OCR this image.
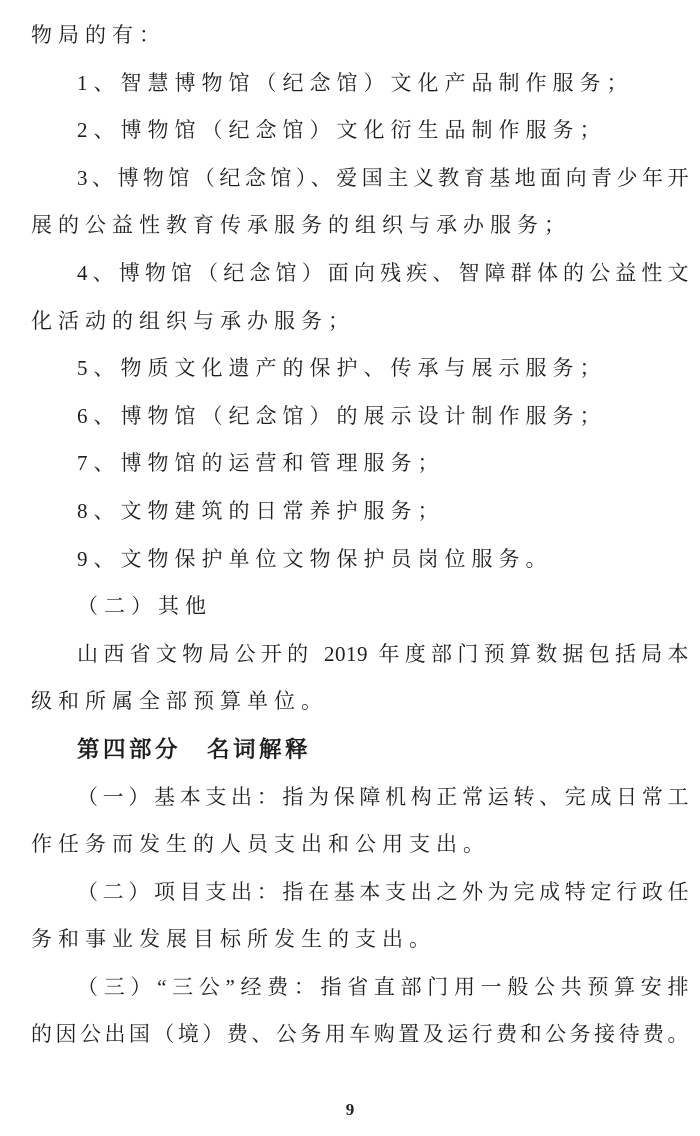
物局的有：
1、智慧博物馆（纪念馆）文化产品制作服务；
2、博物馆（纪念馆）文化衍生品制作服务；
3、博物馆（纪念馆）、爱国主义教育基地面向青少年开
展的公益性教育传承服务的组织与承办服务；
4、博物馆（纪念馆）面向残疾、智障群体的公益性文
化活动的组织与承办服务；
5、物质文化遗产的保护、传承与展示服务；
6、博物馆（纪念馆）的展示设计制作服务；
7、博物馆的运营和管理服务；
8、文物建筑的日常养护服务；
9、文物保护单位文物保护员岗位服务。
（二）其他
山西省文物局公开的 2019 年度部门预算数据包括局本
级和所属全部预算单位。
第四部分　名词解释
（一）基本支出：指为保障机构正常运转、完成日常工
作任务而发生的人员支出和公用支出。
（二）项目支出：指在基本支出之外为完成特定行政任
务和事业发展目标所发生的支出。
（三）“三公”经费：指省直部门用一般公共预算安排
的因公出国（境）费、公务用车购置及运行费和公务接待费。
9
